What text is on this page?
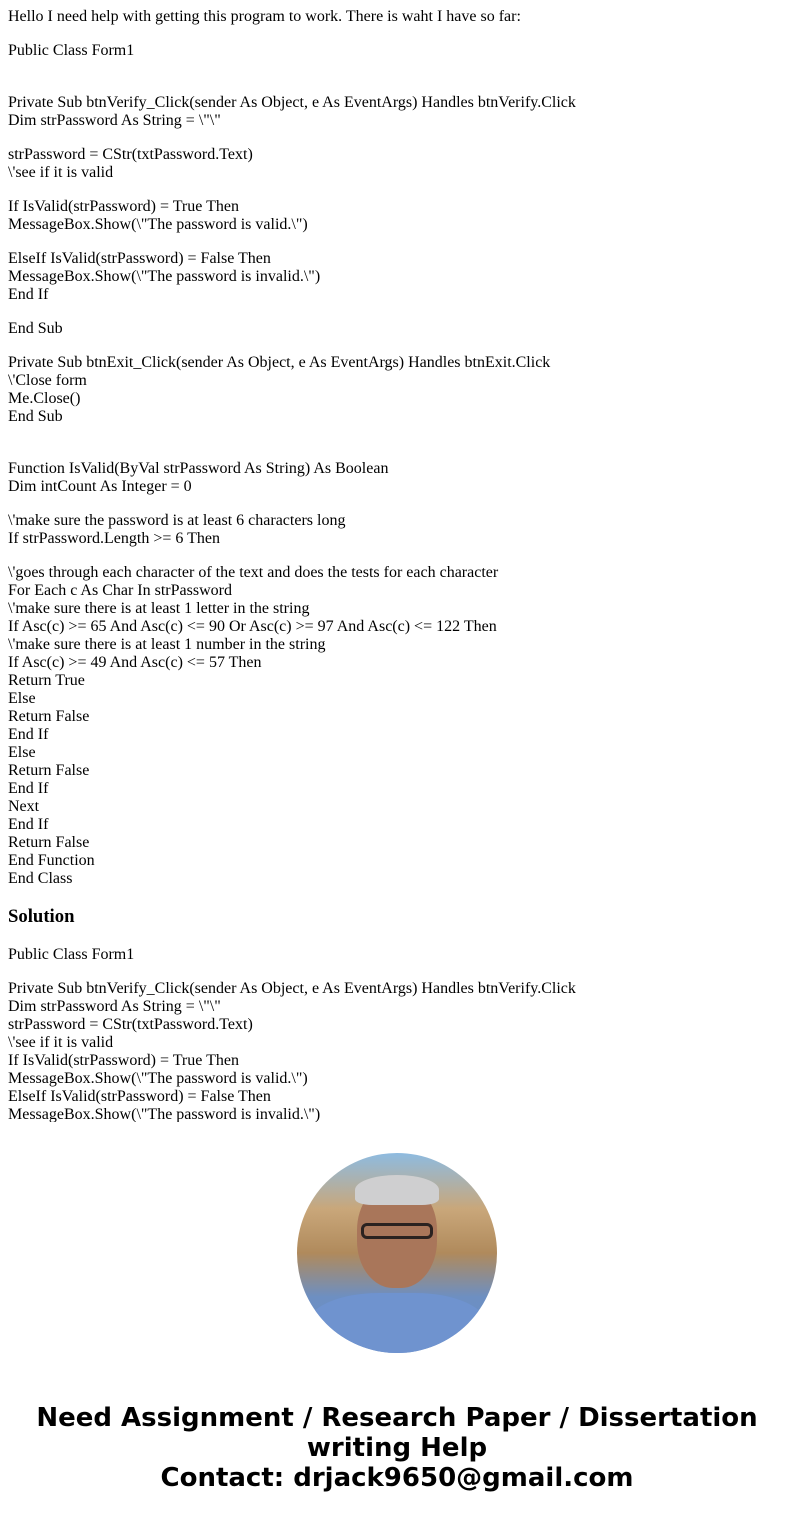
Hello I need help with getting this program to work. There is waht I have so far:
Public Class Form1
Private Sub btnVerify_Click(sender As Object, e As EventArgs) Handles btnVerify.Click
Dim strPassword As String = \"\"
strPassword = CStr(txtPassword.Text)
\'see if it is valid
If IsValid(strPassword) = True Then
MessageBox.Show(\"The password is valid.\")
ElseIf IsValid(strPassword) = False Then
MessageBox.Show(\"The password is invalid.\")
End If
End Sub
Private Sub btnExit_Click(sender As Object, e As EventArgs) Handles btnExit.Click
\'Close form
Me.Close()
End Sub
Function IsValid(ByVal strPassword As String) As Boolean
Dim intCount As Integer = 0
\'make sure the password is at least 6 characters long
If strPassword.Length >= 6 Then
\'goes through each character of the text and does the tests for each character
For Each c As Char In strPassword
\'make sure there is at least 1 letter in the string
If Asc(c) >= 65 And Asc(c) <= 90 Or Asc(c) >= 97 And Asc(c) <= 122 Then
\'make sure there is at least 1 number in the string
If Asc(c) >= 49 And Asc(c) <= 57 Then
Return True
Else
Return False
End If
Else
Return False
End If
Next
End If
Return False
End Function
End Class
Solution
Public Class Form1
Private Sub btnVerify_Click(sender As Object, e As EventArgs) Handles btnVerify.Click
Dim strPassword As String = \"\"
strPassword = CStr(txtPassword.Text)
\'see if it is valid
If IsValid(strPassword) = True Then
MessageBox.Show(\"The password is valid.\")
ElseIf IsValid(strPassword) = False Then
MessageBox.Show(\"The password is invalid.\")
Need Assignment / Research Paper / Dissertation
writing Help
Contact: drjack9650@gmail.com
